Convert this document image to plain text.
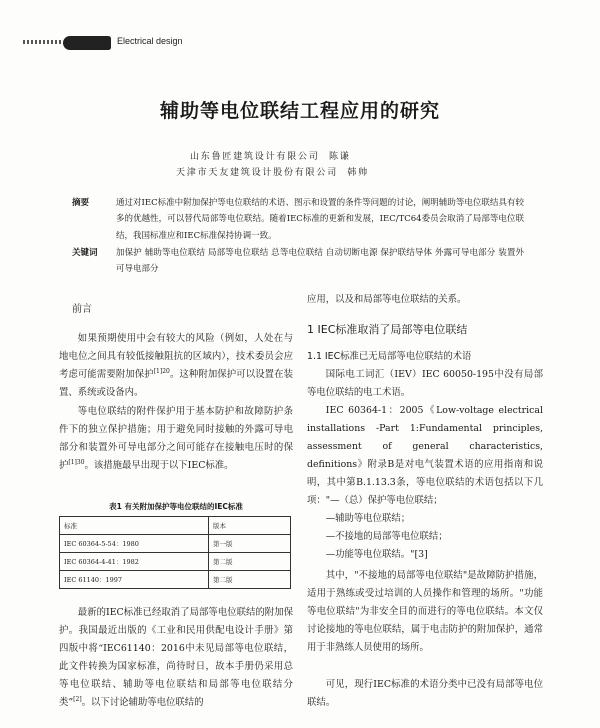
Electrical design
辅助等电位联结工程应用的研究
山东鲁匠建筑设计有限公司 陈谦
天津市天友建筑设计股份有限公司 韩帅
摘要	通过对IEC标准中附加保护等电位联结的术语、图示和设置的条件等问题的讨论，阐明辅助等电位联结具有较多的优越性，可以替代局部等电位联结。随着IEC标准的更新和发展，IEC/TC64委员会取消了局部等电位联结，我国标准应和IEC标准保持协调一致。
关键词 加保护 辅助等电位联结 局部等电位联结 总等电位联结 自动切断电源 保护联结导体 外露可导电部分 装置外可导电部分
前言

如果预期使用中会有较大的风险（例如，人处在与地电位之间具有较低接触阻抗的区域内），技术委员会应考虑可能需要附加保护$^{[1]20}$。这种附加保护可以设置在装置、系统或设备内。

等电位联结的附件保护用于基本防护和故障防护条件下的独立保护措施；用于避免同时接触的外露可导电部分和装置外可导电部分之间可能存在接触电压时的保护$^{[1]30}$。该措施最早出现于以下IEC标准。

表1 有关附加保护等电位联结的IEC标准
标准	版本
IEC 60364-5-54：1980	第一版
IEC 60364-4-41：1982	第二版
IEC 61140：1997	第二版

最新的IEC标准已经取消了局部等电位联结的附加保护。我国最近出版的《工业和民用供配电设计手册》第四版中将“IEC61140：2016中未见局部等电位联结，此文件转换为国家标准，尚待时日，故本手册仍采用总等电位联结、辅助等电位联结和局部等电位联结分类”[2]。以下讨论辅助等电位联结的

应用，以及和局部等电位联结的关系。

1 IEC标准取消了局部等电位联结
1.1 IEC标准已无局部等电位联结的术语

国际电工词汇（IEV）IEC 60050-195中没有局部等电位联结的电工术语。

IEC 60364-1：2005《Low-voltage electrical installations -Part 1:Fundamental principles, assessment of general characteristics, definitions》附录B是对电气装置术语的应用指南和说明，其中第B.1.13.3条，等电位联结的术语包括以下几项： "—（总）保护等电位联结；

—辅助等电位联结；

—不接地的局部等电位联结；

—功能等电位联结。"[3]

其中，"不接地的局部等电位联结"是故障防护措施，适用于熟练或受过培训的人员操作和管理的场所。"功能等电位联结"为非安全目的而进行的等电位联结。本文仅讨论接地的等电位联结，属于电击防护的附加保护，通常用于非熟练人员使用的场所。

可见，现行IEC标准的术语分类中已没有局部等电位联结。
